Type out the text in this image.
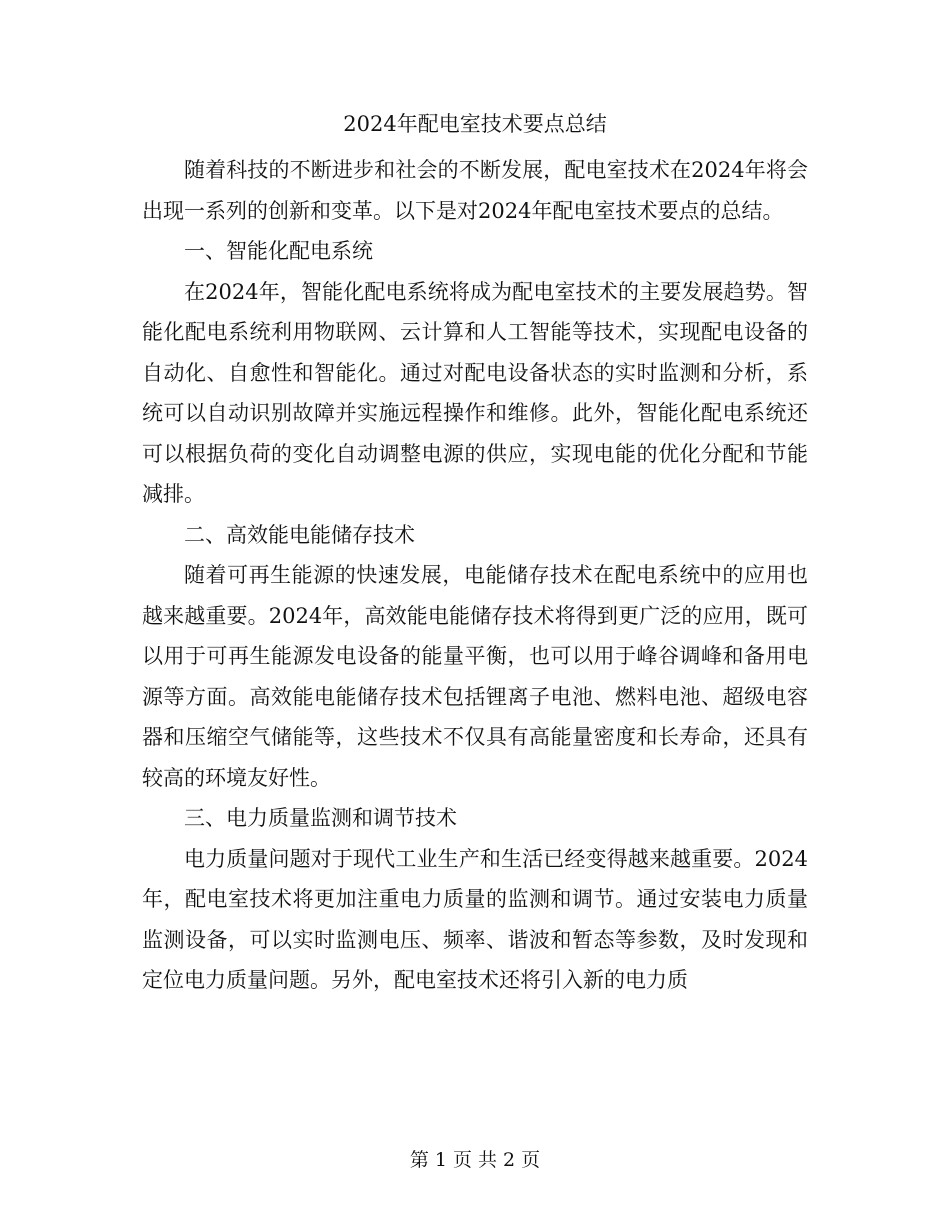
2024年配电室技术要点总结

随着科技的不断进步和社会的不断发展，配电室技术在2024年将会出现一系列的创新和变革。以下是对2024年配电室技术要点的总结。

一、智能化配电系统

在2024年，智能化配电系统将成为配电室技术的主要发展趋势。智能化配电系统利用物联网、云计算和人工智能等技术，实现配电设备的自动化、自愈性和智能化。通过对配电设备状态的实时监测和分析，系统可以自动识别故障并实施远程操作和维修。此外，智能化配电系统还可以根据负荷的变化自动调整电源的供应，实现电能的优化分配和节能减排。

二、高效能电能储存技术

随着可再生能源的快速发展，电能储存技术在配电系统中的应用也越来越重要。2024年，高效能电能储存技术将得到更广泛的应用，既可以用于可再生能源发电设备的能量平衡，也可以用于峰谷调峰和备用电源等方面。高效能电能储存技术包括锂离子电池、燃料电池、超级电容器和压缩空气储能等，这些技术不仅具有高能量密度和长寿命，还具有较高的环境友好性。

三、电力质量监测和调节技术

电力质量问题对于现代工业生产和生活已经变得越来越重要。2024年，配电室技术将更加注重电力质量的监测和调节。通过安装电力质量监测设备，可以实时监测电压、频率、谐波和暂态等参数，及时发现和定位电力质量问题。另外，配电室技术还将引入新的电力质

第 1 页 共 2 页
